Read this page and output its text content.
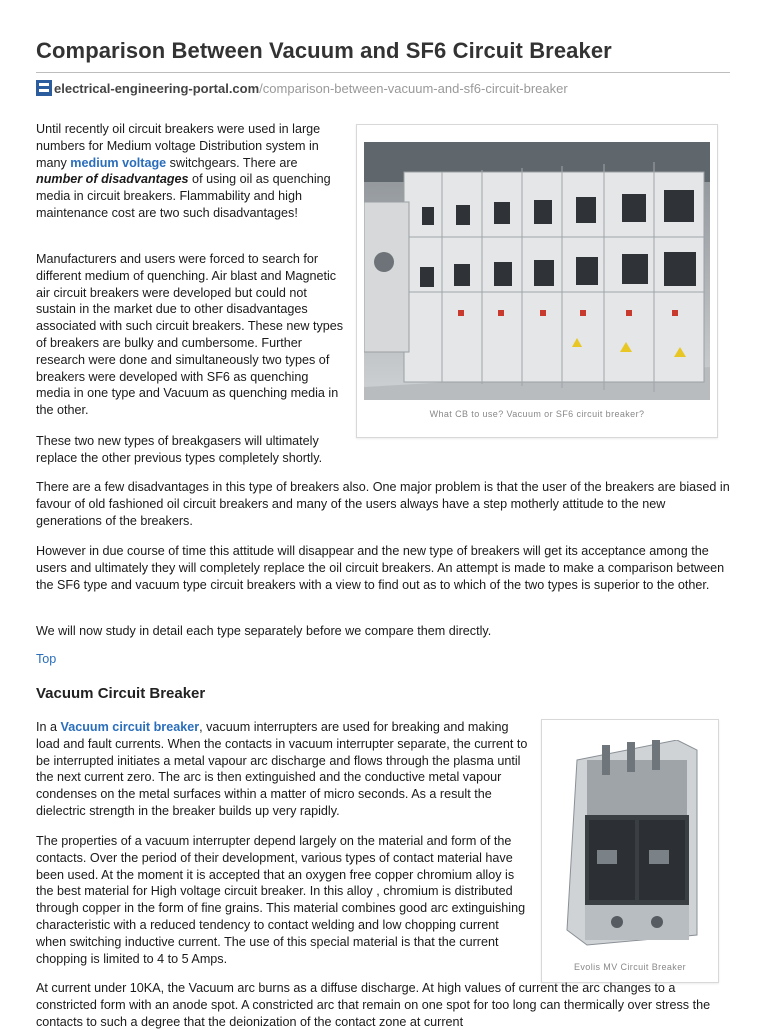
Comparison Between Vacuum and SF6 Circuit Breaker
electrical-engineering-portal.com /comparison-between-vacuum-and-sf6-circuit-breaker
What CB to use? Vacuum or SF6 circuit breaker?

Until recently oil circuit breakers were used in large numbers for Medium voltage Distribution system in many medium voltage switchgears. There are number of disadvantages of using oil as quenching media in circuit breakers. Flammability and high maintenance cost are two such disadvantages!

Manufacturers and users were forced to search for different medium of quenching. Air blast and Magnetic air circuit breakers were developed but could not sustain in the market due to other disadvantages associated with such circuit breakers. These new types of breakers are bulky and cumbersome. Further research were done and simultaneously two types of breakers were developed with SF6 as quenching media in one type and Vacuum as quenching media in the other.

These two new types of breakgasers will ultimately replace the other previous types completely shortly.

There are a few disadvantages in this type of breakers also. One major problem is that the user of the breakers are biased in favour of old fashioned oil circuit breakers and many of the users always have a step motherly attitude to the new generations of the breakers.

However in due course of time this attitude will disappear and the new type of breakers will get its acceptance among the users and ultimately they will completely replace the oil circuit breakers. An attempt is made to make a comparison between the SF6 type and vacuum type circuit breakers with a view to find out as to which of the two types is superior to the other.

We will now study in detail each type separately before we compare them directly.

Top
Vacuum Circuit Breaker

In a Vacuum circuit breaker, vacuum interrupters are used for breaking and making load and fault currents. When the contacts in vacuum interrupter separate, the current to be interrupted initiates a metal vapour arc discharge and flows through the plasma until the next current zero. The arc is then extinguished and the conductive metal vapour condenses on the metal surfaces within a matter of micro seconds. As a result the dielectric strength in the breaker builds up very rapidly.

The properties of a vacuum interrupter depend largely on the material and form of the contacts. Over the period of their development, various types of contact material have been used. At the moment it is accepted that an oxygen free copper chromium alloy is the best material for High voltage circuit breaker. In this alloy , chromium is distributed through copper in the form of fine grains. This material combines good arc extinguishing characteristic with a reduced tendency to contact welding and low chopping current when switching inductive current. The use of this special material is that the current chopping is limited to 4 to 5 Amps.

Evolis MV Circuit Breaker

At current under 10KA, the Vacuum arc burns as a diffuse discharge. At high values of current the arc changes to a constricted form with an anode spot. A constricted arc that remain on one spot for too long can thermically over stress the contacts to such a degree that the deionization of the contact zone at current
